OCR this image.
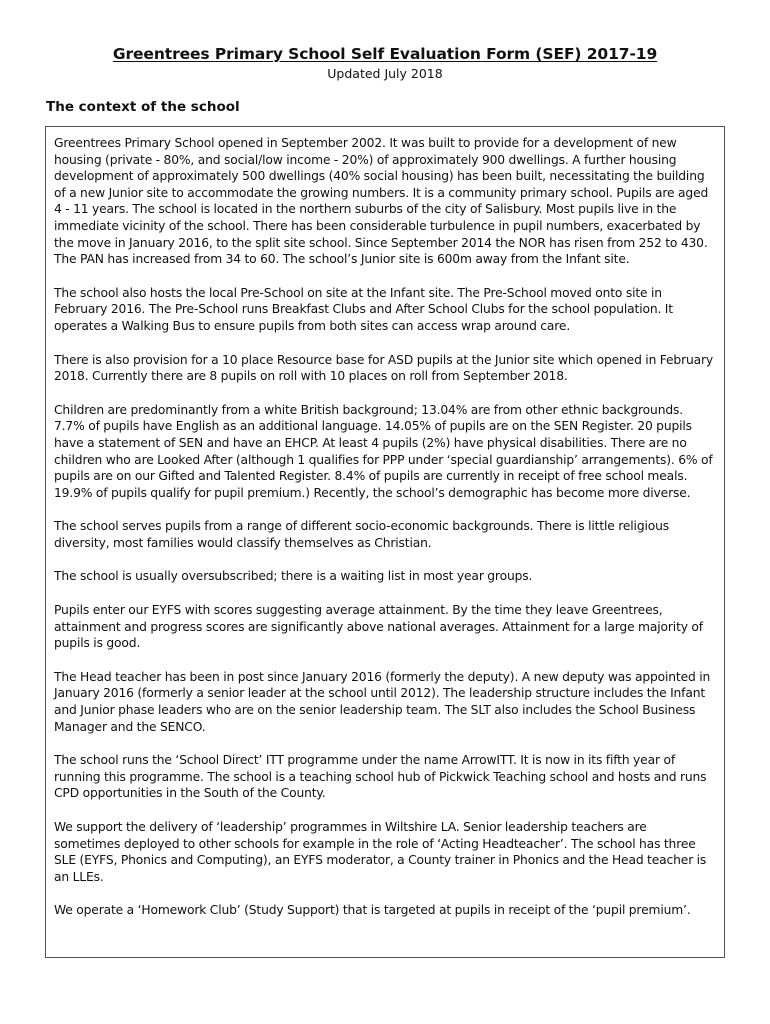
Greentrees Primary School Self Evaluation Form (SEF) 2017-19
Updated July 2018
The context of the school

Greentrees Primary School opened in September 2002. It was built to provide for a development of new housing (private - 80%, and social/low income - 20%) of approximately 900 dwellings. A further housing development of approximately 500 dwellings (40% social housing) has been built, necessitating the building of a new Junior site to accommodate the growing numbers. It is a community primary school. Pupils are aged 4 - 11 years. The school is located in the northern suburbs of the city of Salisbury. Most pupils live in the immediate vicinity of the school. There has been considerable turbulence in pupil numbers, exacerbated by the move in January 2016, to the split site school. Since September 2014 the NOR has risen from 252 to 430. The PAN has increased from 34 to 60. The school’s Junior site is 600m away from the Infant site.

The school also hosts the local Pre-School on site at the Infant site. The Pre-School moved onto site in February 2016. The Pre-School runs Breakfast Clubs and After School Clubs for the school population. It operates a Walking Bus to ensure pupils from both sites can access wrap around care.

There is also provision for a 10 place Resource base for ASD pupils at the Junior site which opened in February 2018. Currently there are 8 pupils on roll with 10 places on roll from September 2018.

Children are predominantly from a white British background; 13.04% are from other ethnic backgrounds. 7.7% of pupils have English as an additional language. 14.05% of pupils are on the SEN Register. 20 pupils have a statement of SEN and have an EHCP. At least 4 pupils (2%) have physical disabilities. There are no children who are Looked After (although 1 qualifies for PPP under ‘special guardianship’ arrangements). 6% of pupils are on our Gifted and Talented Register. 8.4% of pupils are currently in receipt of free school meals. 19.9% of pupils qualify for pupil premium.) Recently, the school’s demographic has become more diverse.

The school serves pupils from a range of different socio-economic backgrounds. There is little religious diversity, most families would classify themselves as Christian.

The school is usually oversubscribed; there is a waiting list in most year groups.

Pupils enter our EYFS with scores suggesting average attainment. By the time they leave Greentrees, attainment and progress scores are significantly above national averages. Attainment for a large majority of pupils is good.

The Head teacher has been in post since January 2016 (formerly the deputy). A new deputy was appointed in January 2016 (formerly a senior leader at the school until 2012). The leadership structure includes the Infant and Junior phase leaders who are on the senior leadership team. The SLT also includes the School Business Manager and the SENCO.

The school runs the ‘School Direct’ ITT programme under the name ArrowITT. It is now in its fifth year of running this programme. The school is a teaching school hub of Pickwick Teaching school and hosts and runs CPD opportunities in the South of the County.

We support the delivery of ‘leadership’ programmes in Wiltshire LA. Senior leadership teachers are sometimes deployed to other schools for example in the role of ‘Acting Headteacher’. The school has three SLE (EYFS, Phonics and Computing), an EYFS moderator, a County trainer in Phonics and the Head teacher is an LLEs.

We operate a ‘Homework Club’ (Study Support) that is targeted at pupils in receipt of the ‘pupil premium’.
